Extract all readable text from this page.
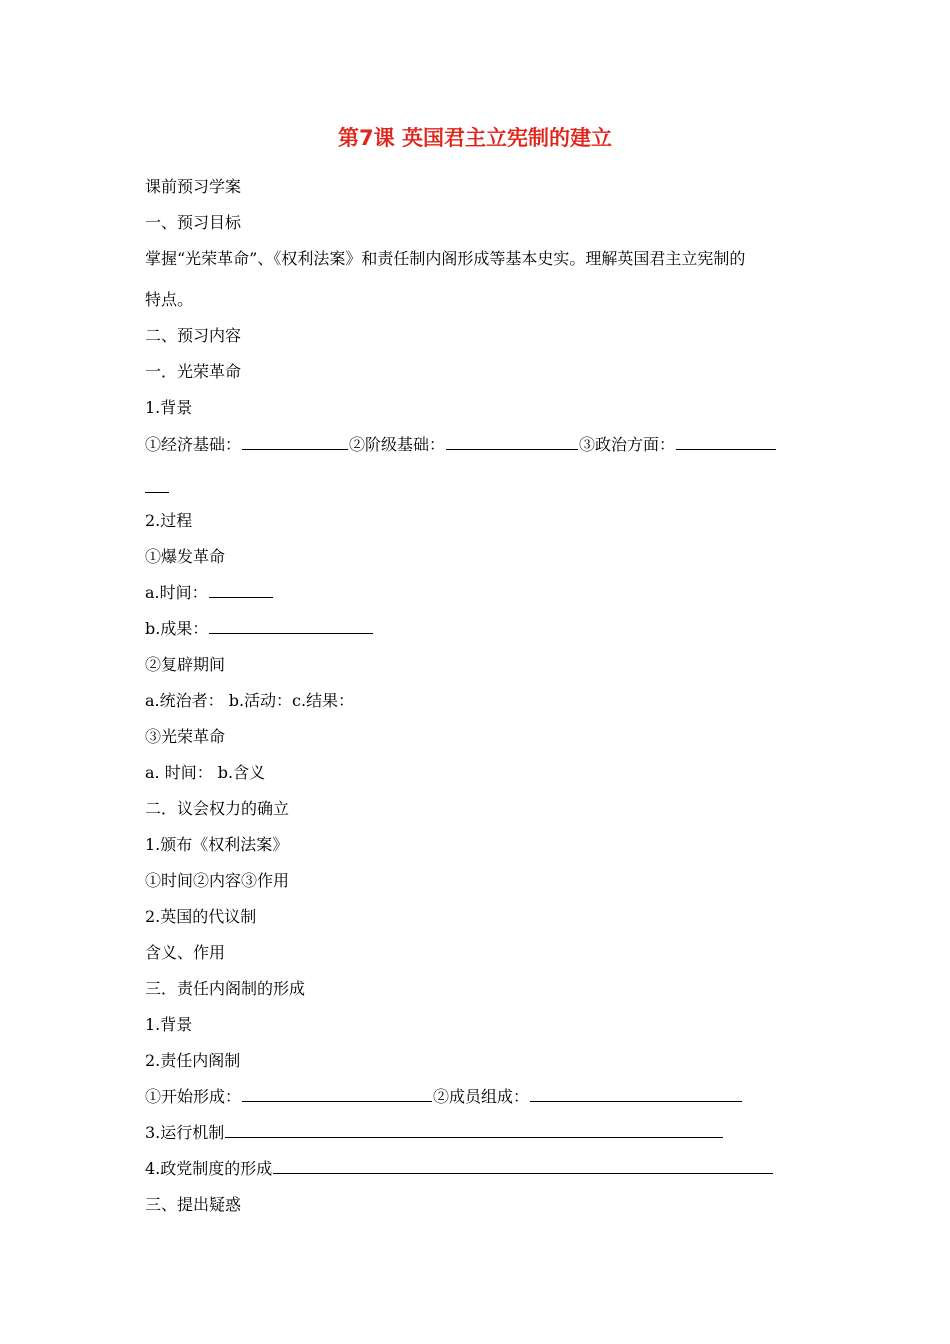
第7课 英国君主立宪制的建立
课前预习学案
一、预习目标
掌握“光荣革命”、《权利法案》和责任制内阁形成等基本史实。理解英国君主立宪制的
特点。
二、预习内容
一．光荣革命
1.背景
①经济基础：	②阶级基础：	③政治方面：
2.过程
①爆发革命
a.时间：
b.成果：
②复辟期间
a.统治者： b.活动：c.结果：
③光荣革命
a. 时间： b.含义
二．议会权力的确立
1.颁布《权利法案》
①时间②内容③作用
2.英国的代议制
含义、作用
三．责任内阁制的形成
1.背景
2.责任内阁制
①开始形成：	②成员组成：
3.运行机制
4.政党制度的形成
三、提出疑惑
